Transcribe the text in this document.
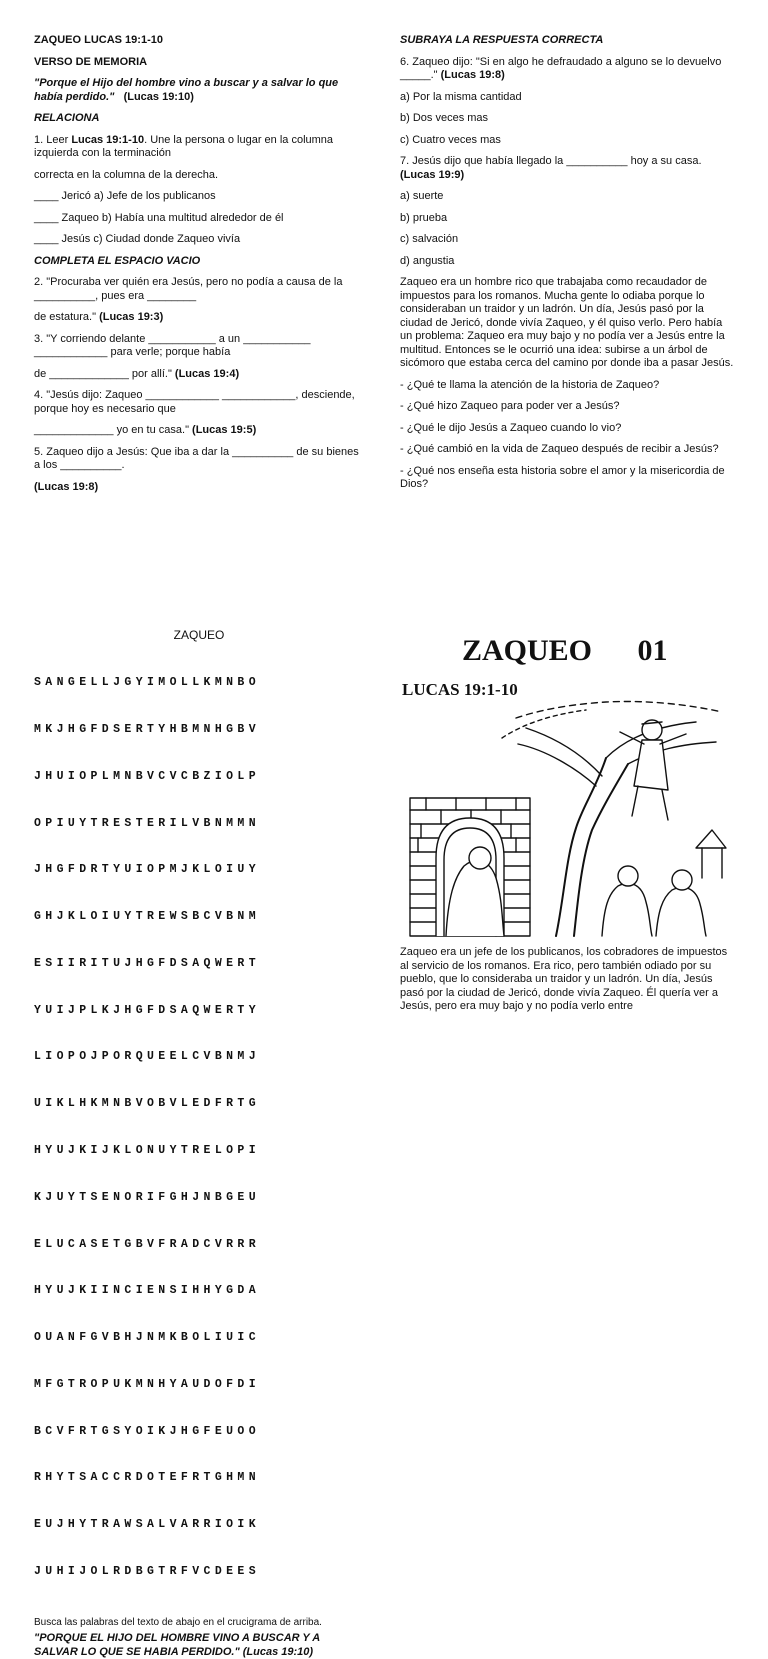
ZAQUEO LUCAS 19:1-10

VERSO DE MEMORIA

"Porque el Hijo del hombre vino a buscar y a salvar lo que había perdido." (Lucas 19:10)

RELACIONA

1. Leer Lucas 19:1-10. Une la persona o lugar en la columna izquierda con la terminación

correcta en la columna de la derecha.

____ Jericó a) Jefe de los publicanos

____ Zaqueo b) Había una multitud alrededor de él

____ Jesús c) Ciudad donde Zaqueo vivía

COMPLETA EL ESPACIO VACIO

2. "Procuraba ver quién era Jesús, pero no podía a causa de la __________, pues era ________

de estatura." (Lucas 19:3)

3. "Y corriendo delante ___________ a un ___________ ____________ para verle; porque había

de _____________ por allí." (Lucas 19:4)

4. "Jesús dijo: Zaqueo ____________ ____________, desciende, porque hoy es necesario que

_____________ yo en tu casa." (Lucas 19:5)

5. Zaqueo dijo a Jesús: Que iba a dar la __________ de su bienes a los __________.

(Lucas 19:8)

SUBRAYA LA RESPUESTA CORRECTA

6. Zaqueo dijo: "Si en algo he defraudado a alguno se lo devuelvo _____." (Lucas 19:8)

a) Por la misma cantidad

b) Dos veces mas

c) Cuatro veces mas

7. Jesús dijo que había llegado la __________ hoy a su casa.
(Lucas 19:9)

a) suerte

b) prueba

c) salvación

d) angustia

Zaqueo era un hombre rico que trabajaba como recaudador de impuestos para los romanos. Mucha gente lo odiaba porque lo consideraban un traidor y un ladrón. Un día, Jesús pasó por la ciudad de Jericó, donde vivía Zaqueo, y él quiso verlo. Pero había un problema: Zaqueo era muy bajo y no podía ver a Jesús entre la multitud. Entonces se le ocurrió una idea: subirse a un árbol de sicómoro que estaba cerca del camino por donde iba a pasar Jesús.

- ¿Qué te llama la atención de la historia de Zaqueo?

- ¿Qué hizo Zaqueo para poder ver a Jesús?

- ¿Qué le dijo Jesús a Zaqueo cuando lo vio?

- ¿Qué cambió en la vida de Zaqueo después de recibir a Jesús?

- ¿Qué nos enseña esta historia sobre el amor y la misericordia de Dios?

ZAQUEO

SANGELLJGYIMOLLKMNBO

MKJHGFDSERTYHBMNHGBV

JHUIOPLMNBVCVCBZIOLP

OPIUYTRESTERILVBNMMN

JHGFDRTYUIOPMJKLOIUY

GHJKLOIUYTREWSBCVBNM

ESIIRITUJHGFDSAQWERT

YUIJPLKJHGFDSAQWERTY

LIOPOJPORQUEELCVBNMJ

UIKLHKMNBVOBVLEDFRTG

HYUJKIJKLONUYTRELOPI

KJUYTSENORIFGHJNBGEU

ELUCASETGBVFRADCVRRR

HYUJKIINCIENSIHHYGDA

OUANFGVBHJNMKBOLIUIC

MFGTROPUKMNHYAUDOFDI

BCVFRTGSYOIKJHGFEUOO

RHYTSACCRDOTEFRTGHMN

EUJHYTRAWSALVARRIOIK

JUHIJOLRDBGTRFVCDEES

Busca las palabras del texto de abajo en el crucigrama de arriba.
"PORQUE EL HIJO DEL HOMBRE VINO A BUSCAR Y A SALVAR LO QUE SE HABIA PERDIDO." (Lucas 19:10)
ZAQUEO 01
LUCAS 19:1-10
Zaqueo era un jefe de los publicanos, los cobradores de impuestos al servicio de los romanos. Era rico, pero también odiado por su pueblo, que lo consideraba un traidor y un ladrón. Un día, Jesús pasó por la ciudad de Jericó, donde vivía Zaqueo. Él quería ver a Jesús, pero era muy bajo y no podía verlo entre
